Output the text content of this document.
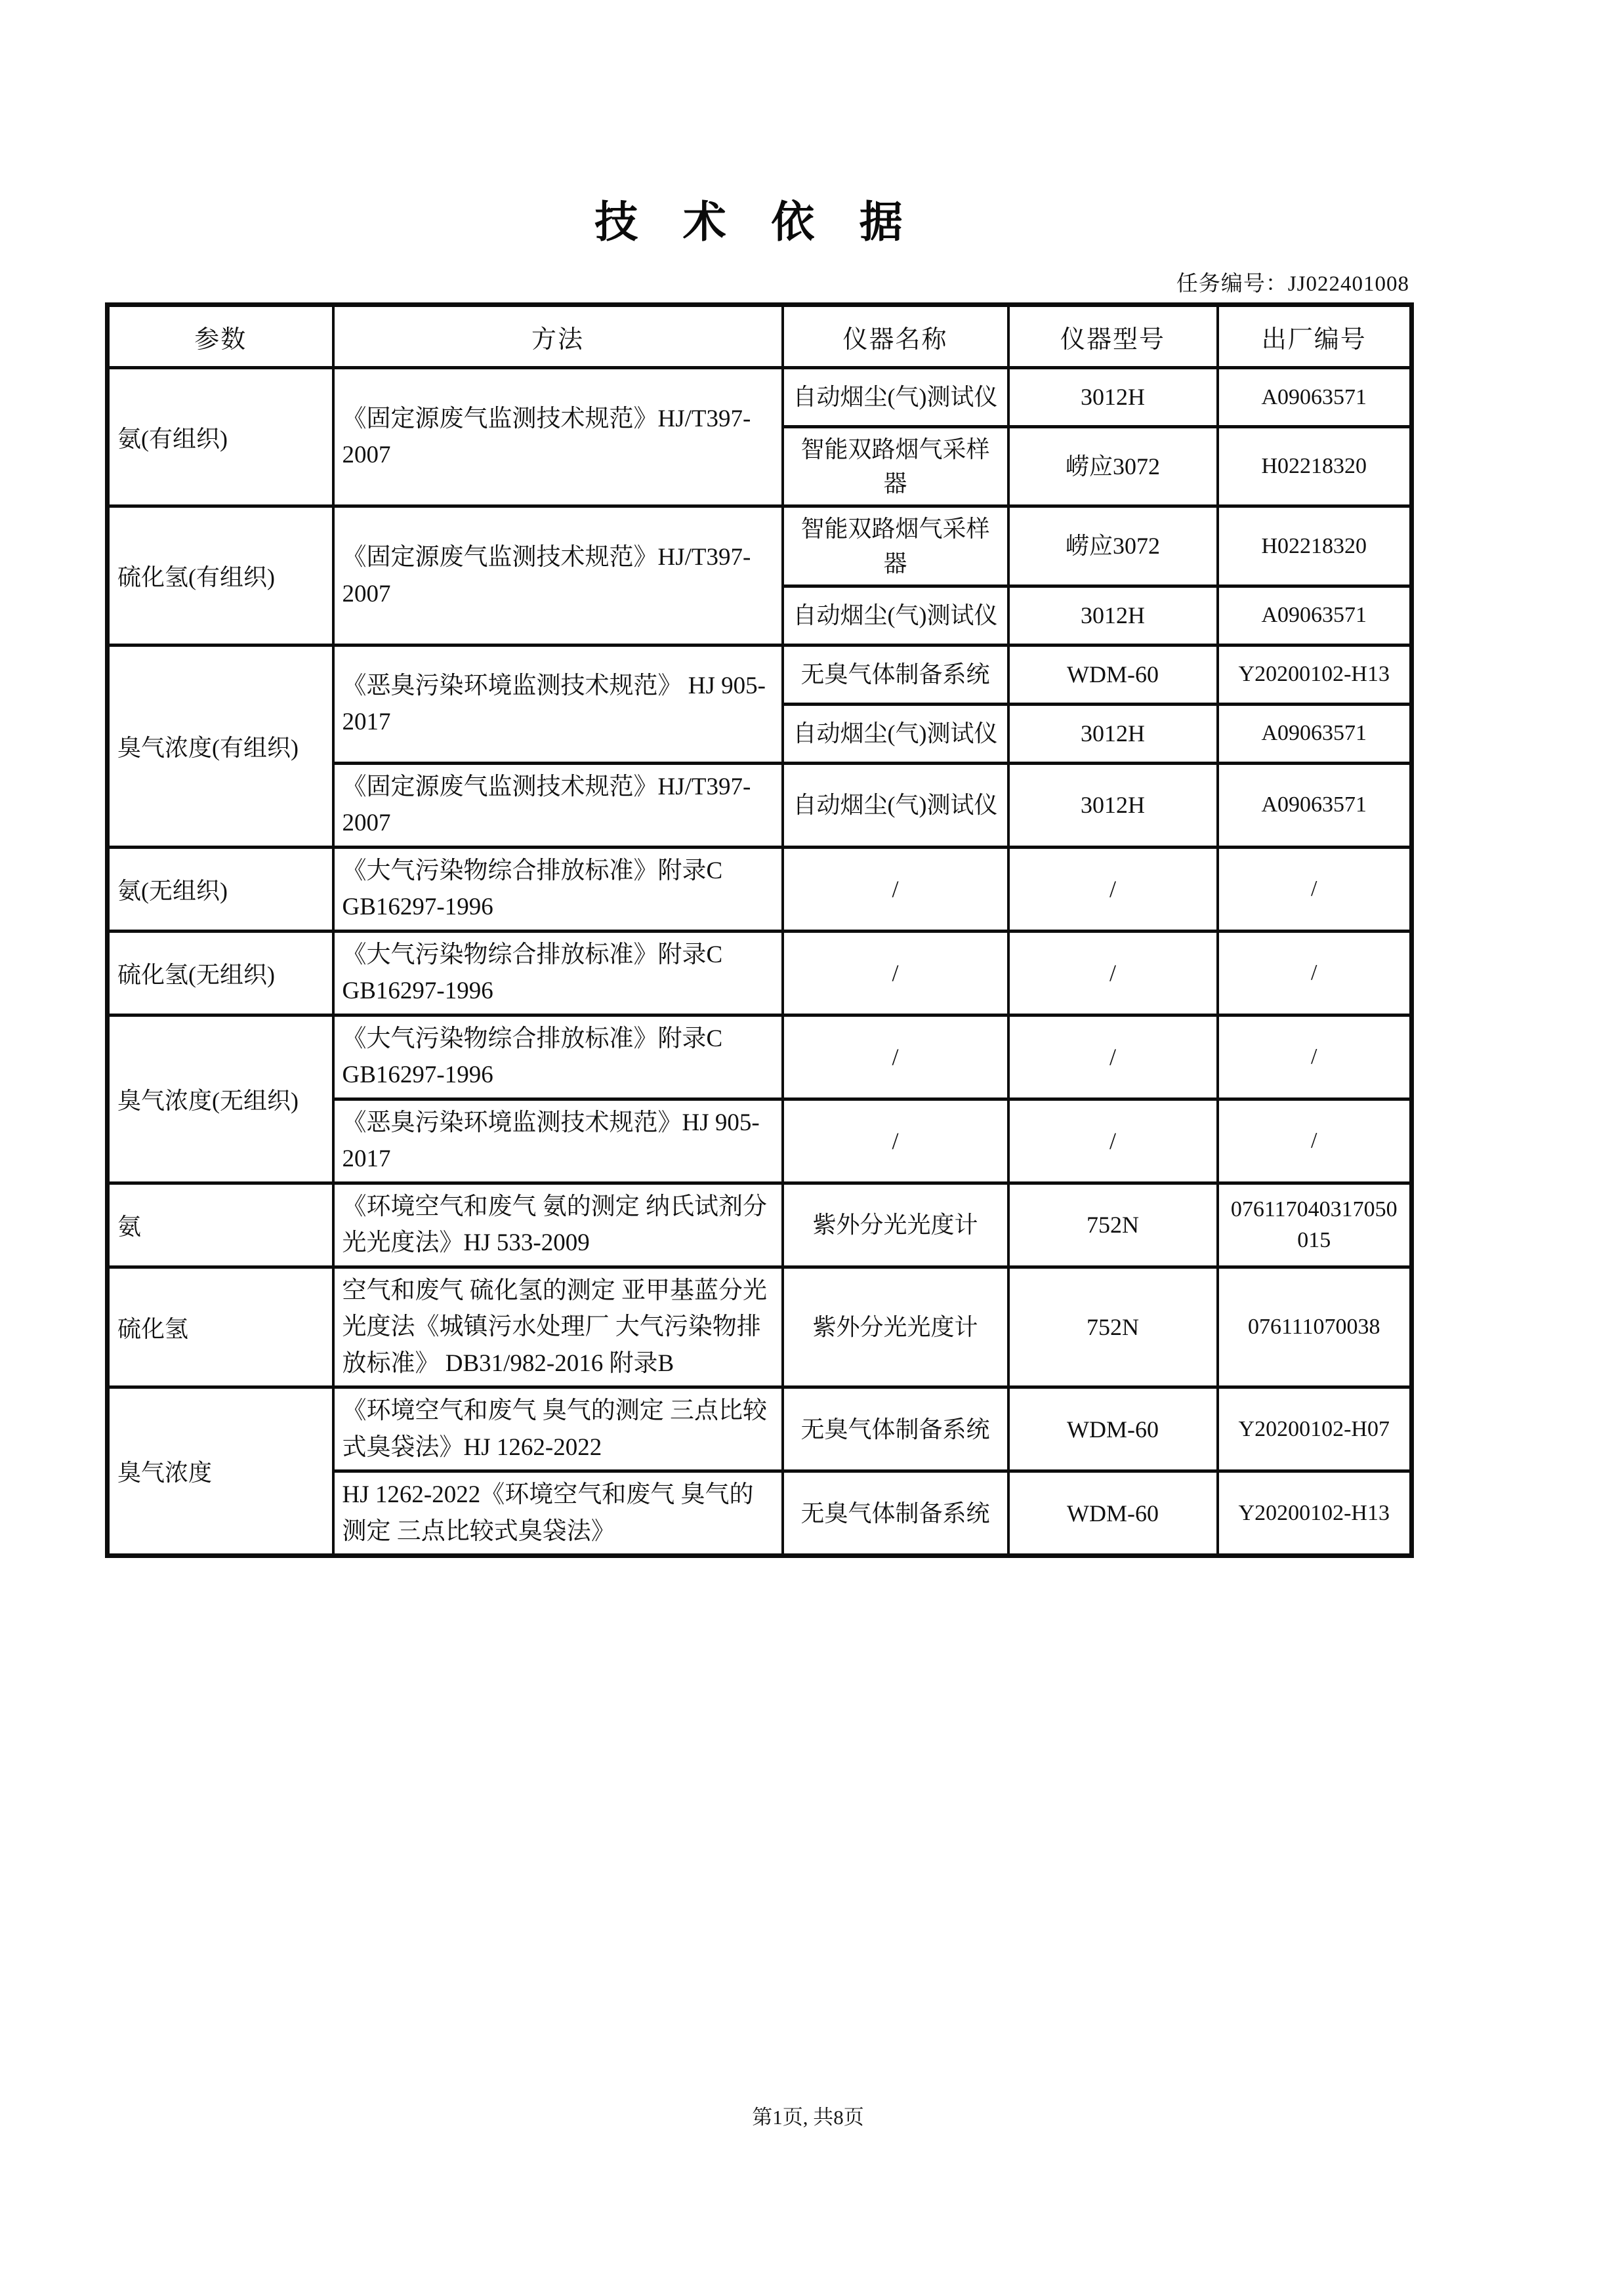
技 术 依 据
任务编号：JJ022401008
参数	方法	仪器名称	仪器型号	出厂编号
氨(有组织)	《固定源废气监测技术规范》HJ/T397-2007	自动烟尘(气)测试仪	3012H	A09063571
		智能双路烟气采样器	崂应3072	H02218320
硫化氢(有组织)	《固定源废气监测技术规范》HJ/T397-2007	智能双路烟气采样器	崂应3072	H02218320
		自动烟尘(气)测试仪	3012H	A09063571
臭气浓度(有组织)	《恶臭污染环境监测技术规范》 HJ 905-2017	无臭气体制备系统	WDM-60	Y20200102-H13
		自动烟尘(气)测试仪	3012H	A09063571
	《固定源废气监测技术规范》HJ/T397-2007	自动烟尘(气)测试仪	3012H	A09063571
氨(无组织)	《大气污染物综合排放标准》附录C GB16297-1996	/	/	/
硫化氢(无组织)	《大气污染物综合排放标准》附录C GB16297-1996	/	/	/
臭气浓度(无组织)	《大气污染物综合排放标准》附录C GB16297-1996	/	/	/
	《恶臭污染环境监测技术规范》HJ 905-2017	/	/	/
氨	《环境空气和废气 氨的测定 纳氏试剂分光光度法》HJ 533-2009	紫外分光光度计	752N	076117040317050015
硫化氢	空气和废气 硫化氢的测定 亚甲基蓝分光光度法《城镇污水处理厂 大气污染物排放标准》 DB31/982-2016 附录B	紫外分光光度计	752N	076111070038
臭气浓度	《环境空气和废气 臭气的测定 三点比较式臭袋法》HJ 1262-2022	无臭气体制备系统	WDM-60	Y20200102-H07
	HJ 1262-2022《环境空气和废气 臭气的测定 三点比较式臭袋法》	无臭气体制备系统	WDM-60	Y20200102-H13
第1页, 共8页
